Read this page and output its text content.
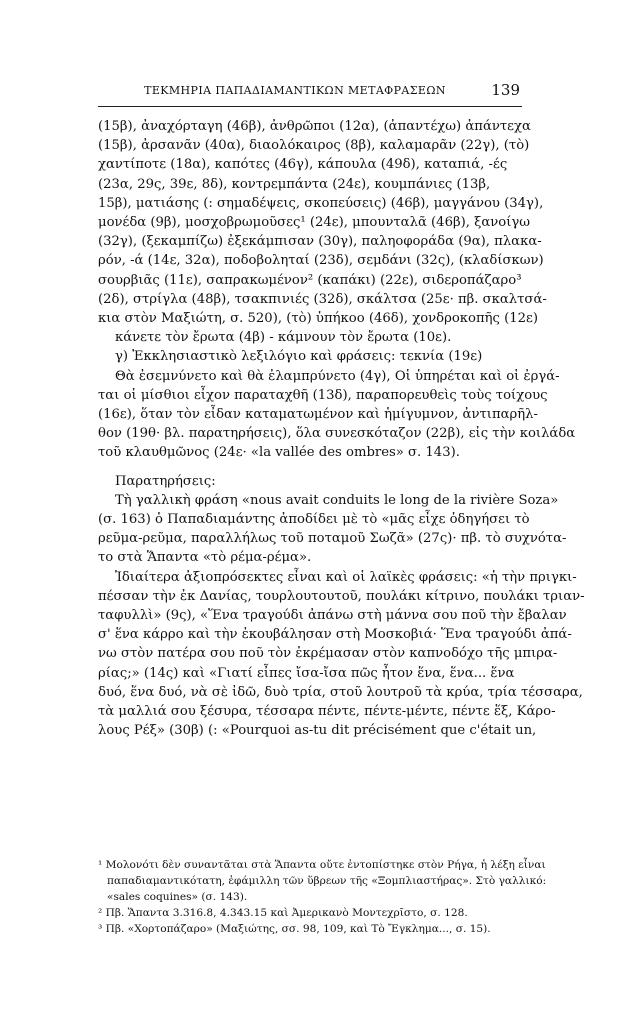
ΤΕΚΜΗΡΙΑ ΠΑΠΑΔΙΑΜΑΝΤΙΚΩΝ ΜΕΤΑΦΡΑΣΕΩΝ	139
(15β), ἀναχόρταγη (46β), ἀνθρῶποι (12α), (ἀπαντέχω) ἀπάντεχα
(15β), ἀρσανᾶν (40α), διαολόκαιρος (8β), καλαμαρᾶν (22γ), (τὸ)
χαντίποτε (18α), καπότες (46γ), κάπουλα (49δ), καταπιά, -ές
(23α, 29ς, 39ε, 8δ), κοντρεμπάντα (24ε), κουμπάνιες (13β,
15β), ματιάσης (: σημαδέψεις, σκοπεύσεις) (46β), μαγγάνου (34γ),
μονέδα (9β), μοσχοβρωμοῦσες¹ (24ε), μπουνταλᾶ (46β), ξανοίγω
(32γ), (ξεκαμπίζω) ἐξεκάμπισαν (30γ), παληοφοράδα (9α), πλακα-
ρόν, -ά (14ε, 32α), ποδοβοληταί (23δ), σεμδάνι (32ς), (κλαδίσκων)
σουρβιᾶς (11ε), σαπρακωμένον² (καπάκι) (22ε), σιδεροπάζαρο³
(2δ), στρίγλα (48β), τσακπινιές (32δ), σκάλτσα (25ε· πβ. σκαλτσά-
κια στὸν Μαξιώτη, σ. 520), (τὸ) ὑπήκοο (46δ), χονδροκοπῆς (12ε)
κάνετε τὸν ἔρωτα (4β) - κάμνουν τὸν ἔρωτα (10ε).
γ) Ἐκκλησιαστικὸ λεξιλόγιο καὶ φράσεις: τεκνία (19ε)
Θὰ ἐσεμνύνετο καὶ θὰ ἐλαμπρύνετο (4γ), Οἱ ὑπηρέται καὶ οἱ ἐργά-
ται οἱ μίσθιοι εἶχον παραταχθῆ (13δ), παραπορευθεὶς τοὺς τοίχους
(16ε), ὅταν τὸν εἶδαν καταματωμένον καὶ ἡμίγυμνον, ἀντιπαρῆλ-
θον (19θ· βλ. παρατηρήσεις), ὅλα συνεσκόταζον (22β), εἰς τὴν κοιλάδα
τοῦ κλαυθμῶνος (24ε· «la vallée des ombres» σ. 143).
Παρατηρήσεις:
Τὴ γαλλικὴ φράση «nous avait conduits le long de la rivière Soza»
(σ. 163) ὁ Παπαδιαμάντης ἀποδίδει μὲ τὸ «μᾶς εἶχε ὁδηγήσει τὸ
ρεῦμα-ρεῦμα, παραλλήλως τοῦ ποταμοῦ Σωζᾶ» (27ς)· πβ. τὸ συχνότα-
το στὰ Ἅπαντα «τὸ ρέμα-ρέμα».
Ἰδιαίτερα ἀξιοπρόσεκτες εἶναι καὶ οἱ λαϊκὲς φράσεις: «ἡ τὴν πριγκι-
πέσσαν τὴν ἐκ Δανίας, τουρλουτουτοῦ, πουλάκι κίτρινο, πουλάκι τριαν-
ταφυλλὶ» (9ς), «Ἕνα τραγούδι ἀπάνω στὴ μάννα σου ποῦ τὴν ἔβαλαν
σ' ἕνα κάρρο καὶ τὴν ἐκουβάλησαν στὴ Μοσκοβιά· Ἕνα τραγούδι ἀπά-
νω στὸν πατέρα σου ποῦ τὸν ἐκρέμασαν στὸν καπνοδόχο τῆς μπιρα-
ρίας;» (14ς) καὶ «Γιατί εἶπες ἴσα-ἴσα πῶς ἦτον ἕνα, ἕνα... ἕνα
δυό, ἕνα δυό, νὰ σὲ ἰδῶ, δυὸ τρία, στοῦ λουτροῦ τὰ κρύα, τρία τέσσαρα,
τὰ μαλλιά σου ξέσυρα, τέσσαρα πέντε, πέντε-μέντε, πέντε ἕξ, Κάρο-
λους Ρέξ» (30β) (: «Pourquoi as-tu dit précisément que c'était un,
¹ Μολονότι δὲν συναντᾶται στὰ Ἅπαντα οὔτε ἐντοπίστηκε στὸν Ρήγα, ἡ λέξη εἶναι
παπαδιαμαντικότατη, ἐφάμιλλη τῶν ὕβρεων τῆς «Ξομπλιαστήρας». Στὸ γαλλικό:
«sales coquines» (σ. 143).
² Πβ. Ἅπαντα 3.316.8, 4.343.15 καὶ Ἀμερικανὸ Μοντεχρῖστο, σ. 128.
³ Πβ. «Χορτοπάζαρο» (Μαξιώτης, σσ. 98, 109, καὶ Τὸ Ἔγκλημα..., σ. 15).
